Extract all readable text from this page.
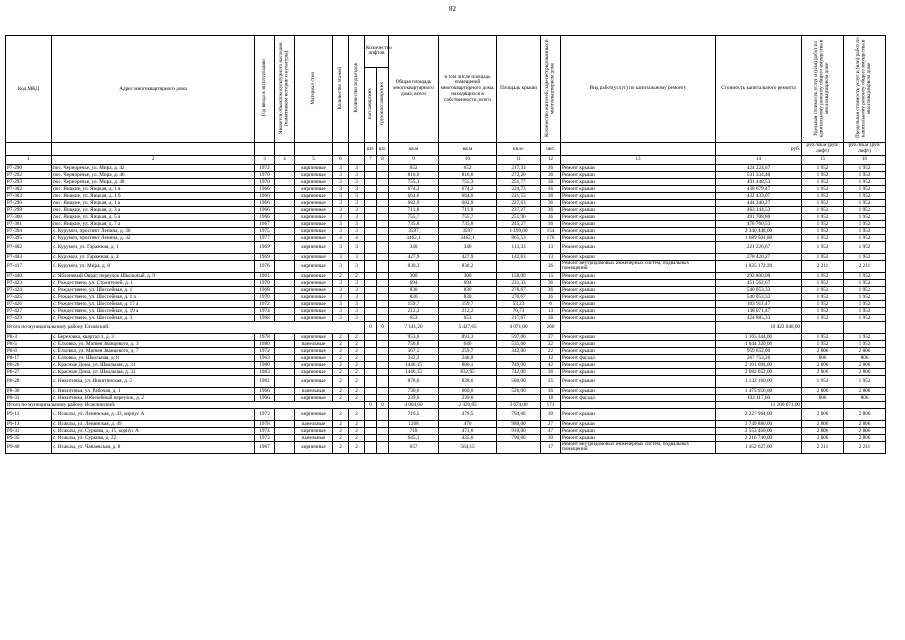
82
Код МКД	Адрес многоквартирного дома	Год ввода в эксплуатацию	Является объектом культурного наследия (памятником истории и культуры)	Материал стен	Количество этажей	Количество подъездов	Количество лифтов		Общая площадь многоквартирного дома, всего	в том числе площадь помещений многоквартирного дома, находящихся в собственности, всего	Площадь крыши	Количество жителей, зарегистрированных в многоквартирном доме	Вид работ(услуг) по капитальному ремонту	Стоимость капитального ремонта	Удельная стоимость услуг и (или) работ по капитальному ремонту общего имущества в многоквартирном доме	Предельная стоимость услуг и (или) работ по капитальному ремонту общего имущества в многоквартирном доме
							пассажирских	грузопассажирских								
							шт.	шт.	кв.м	кв.м	кв.м.	чел.		руб.	руб./кв.м (руб/лифт)	руб./кв.м (руб/лифт)
1	2	3	4	5	6		7	8	9	10	11	12	13	14	15	16
Р7-290	пос. Черноречье, ул. Мира, д. 42	1972		кирпичные	3	3			652	652	217,33	36	Ремонт крыши	424 224,67	1 952	1 952
Р7-292	пос. Черноречье, ул. Мира, д. 46	1970		кирпичные	3	3			816,6	816,6	272,20	36	Ремонт крыши	531 334,40	1 952	1 952
Р7-293	пос. Черноречье, ул. Мира, д. 48	1970		кирпичные	3	3			755,3	755,3	251,77	36	Ремонт крыши	491 448,53	1 952	1 952
Р7-302	пос. Яицкие, ул. Яицкая, д. 1 в	1966		кирпичные	3	3			674,2	674,2	224,73	36	Ремонт крыши	438 679,47	1 952	1 952
Р7-303	пос. Яицкие, ул. Яицкая, д. 1 б	1966		кирпичные	3	3			664,6	664,6	221,53	36	Ремонт крыши	432 433,07	1 952	1 952
Р7-296	пос. Яицкие, ул. Яицкая, д. 1 а	1966		кирпичные	3	3			682,9	682,9	227,63	36	Ремонт крыши	444 340,27	1 952	1 952
Р7-298	пос. Яицкие, ул. Яицкая, д. 3 а	1966		кирпичные	3	3			711,8	711,8	237,27	36	Ремонт крыши	463 144,53	1 952	1 952
Р7-300	пос. Яицкие, ул. Яицкая, д. 5 а	1966		кирпичные	3	3			755,7	755,7	251,90	36	Ремонт крыши	491 708,80	1 952	1 952
Р7-301	пос. Яицкие, ул. Яицкая, д. 7 а	1967		кирпичные	3	3			735,8	735,8	245,27	36	Ремонт крыши	478 760,53	1 952	1 952
Р7-394	с. Курумоч, проспект Ленина, д. 30	1975		кирпичные	3	3			3597	3597	1 199,00	154	Ремонт крыши	2 340 448,00	1 952	1 952
Р7-395	с. Курумоч, проспект Ленина, д. 32	1977		кирпичные	4	4			3462,1	3462,1	865,53	176	Ремонт крыши	1 689 504,80	1 952	1 952
Р7-402	с. Курумоч, ул. Гаражная, д. 1	1969		кирпичные	3	3			340	340	113,33	13	Ремонт крыши	221 226,67	1 952	1 952
Р7-403	с. Курумоч, ул. Гаражная, д. 2	1969		кирпичные	3	3			427,9	427,9	142,63	13	Ремонт крыши	278 420,27	1 952	1 952
Р7-417	с. Курумоч, ул. Мира, д. 8	1976		кирпичные	3	3			830,2	830,2		36	Ремонт внутридомовых инженерных систем, подвальных помещений	1 835 172,20	2 211	2 211
Р7-440	с. Яблоневый Овраг, переулок Школьный, д. 9	1961		кирпичные	2	2			300	300	150,00	15	Ремонт крыши	292 800,00	1 952	1 952
Р7-423	с. Рождествено, ул. Строителей, д. 1	1970		кирпичные	3	3			694	694	231,33	36	Ремонт крыши	451 562,67	1 952	1 952
Р7-424	с. Рождествено, ул. Шоссейная, д. 1	1968		кирпичные	3	3			830	830	276,67	36	Ремонт крыши	540 053,33	1 952	1 952
Р7-425	с. Рождествено, ул. Шоссейная, д. 1 а	1970		кирпичные	3	3			830	830	276,67	36	Ремонт крыши	540 053,33	1 952	1 952
Р7-426	с. Рождествено, ул. Шоссейная, д. 17 а	1972		кирпичные	3	3			159,7	159,7	53,23	6	Ремонт крыши	103 911,47	1 952	1 952
Р7-427	с. Рождествено, ул. Шоссейная, д. 19 а	1974		кирпичные	3	3			212,2	212,2	70,73	13	Ремонт крыши	138 071,47	1 952	1 952
Р7-429	с. Рождествено, ул. Шоссейная, д. 3	1968		кирпичные	3	3			653	653	217,67	36	Ремонт крыши	424 885,33	1 952	1 952
Итого по муниципальному району Елховский:							0	0	7 141,20	5 427,65	4 071,00	260		10 422 048,00		
Р8-3	с. Березовка, квартал 1, д. 3	1978		кирпичные	2	2			953,6	893,3	597,00	27	Ремонт крыши	1 165 344,00	1 952	1 952
Р8-5	с. Елховка, ул. Матвея Званцевого, д. 3	1980		панельные	2	2			756,8	646	535,00	32	Ремонт крыши	1 044 320,00	1 952	1 952
Р8-8	с. Елховка, ул. Матвея Званцевого, д. 7	1972		кирпичные	2	2			367,5	259,7	342,00	22	Ремонт крыши	959 652,00	2 806	2 806
Р8-17	с. Елховка, ул. Школьная, д. 8	1963		кирпичные	2	2			332,2	246,8		12	Ремонт фасада	267 753,20	806	806
Р8-26	с. Красные Дома, ул. Школьная, д. 31	1980		кирпичные	2	2			1446,15	880,1	749,00	42	Ремонт крыши	2 101 694,00	2 806	2 806
Р8-27	с. Красные Дома, ул. Школьная, д. 32	1983		кирпичные	2	2			1446,15	832,95	742,00	36	Ремонт крыши	2 082 052,00	2 806	2 806
Р8-28	с. Никитинка, ул. Никитинская, д. 5	1981		кирпичные	2	2			878,6	838,6	580,00	25	Ремонт крыши	1 132 160,00	1 952	1 952
Р8-30	с. Никитинка, ул. Рабочая, д. 1	1966		панельные	2	2			730,6	660,6	526,00	36	Ремонт крыши	1 475 956,00	2 806	2 806
Р8-31	с. Никитинка, Юбилейный переулок, д. 2	1966		кирпичные	2	2			239,6	239,6		18	Ремонт фасада	193 117,60	806	806
Итого по муниципальному району Исаклинский:							0	0	4 004,60	2 420,85	3 674,00	171		11 200 671,00		
Р9-12	с. Исаклы, ул. Ленинская, д. 43, корпус А	1973		кирпичные	2	2			716,5	479,5	794,00	30	Ремонт крыши	2 227 964,00	2 806	2 806
Р9-13	с. Исаклы, ул. Ленинская, д. 49	1978		панельные	2	2			1268	470	980,00	27	Ремонт крыши	2 749 880,00	2 806	2 806
Р9-31	с. Исаклы, ул. Суркова, д. 15, корпус А	1974		кирпичные	2	2			718	471,6	910,00	47	Ремонт крыши	2 553 460,00	2 806	2 806
Р9-35	с. Исаклы, ул. Суркова, д. 22	1973		панельные	2	2			645,1	435,6	790,00	30	Ремонт крыши	2 216 740,00	2 806	2 806
Р9-40	с. Исаклы, ул. Чапаевская, д. 8	1967		кирпичные	2	2			657	564,15		17	Ремонт внутридомовых инженерных систем, подвальных помещений	1 452 627,00	2 211	2 211
